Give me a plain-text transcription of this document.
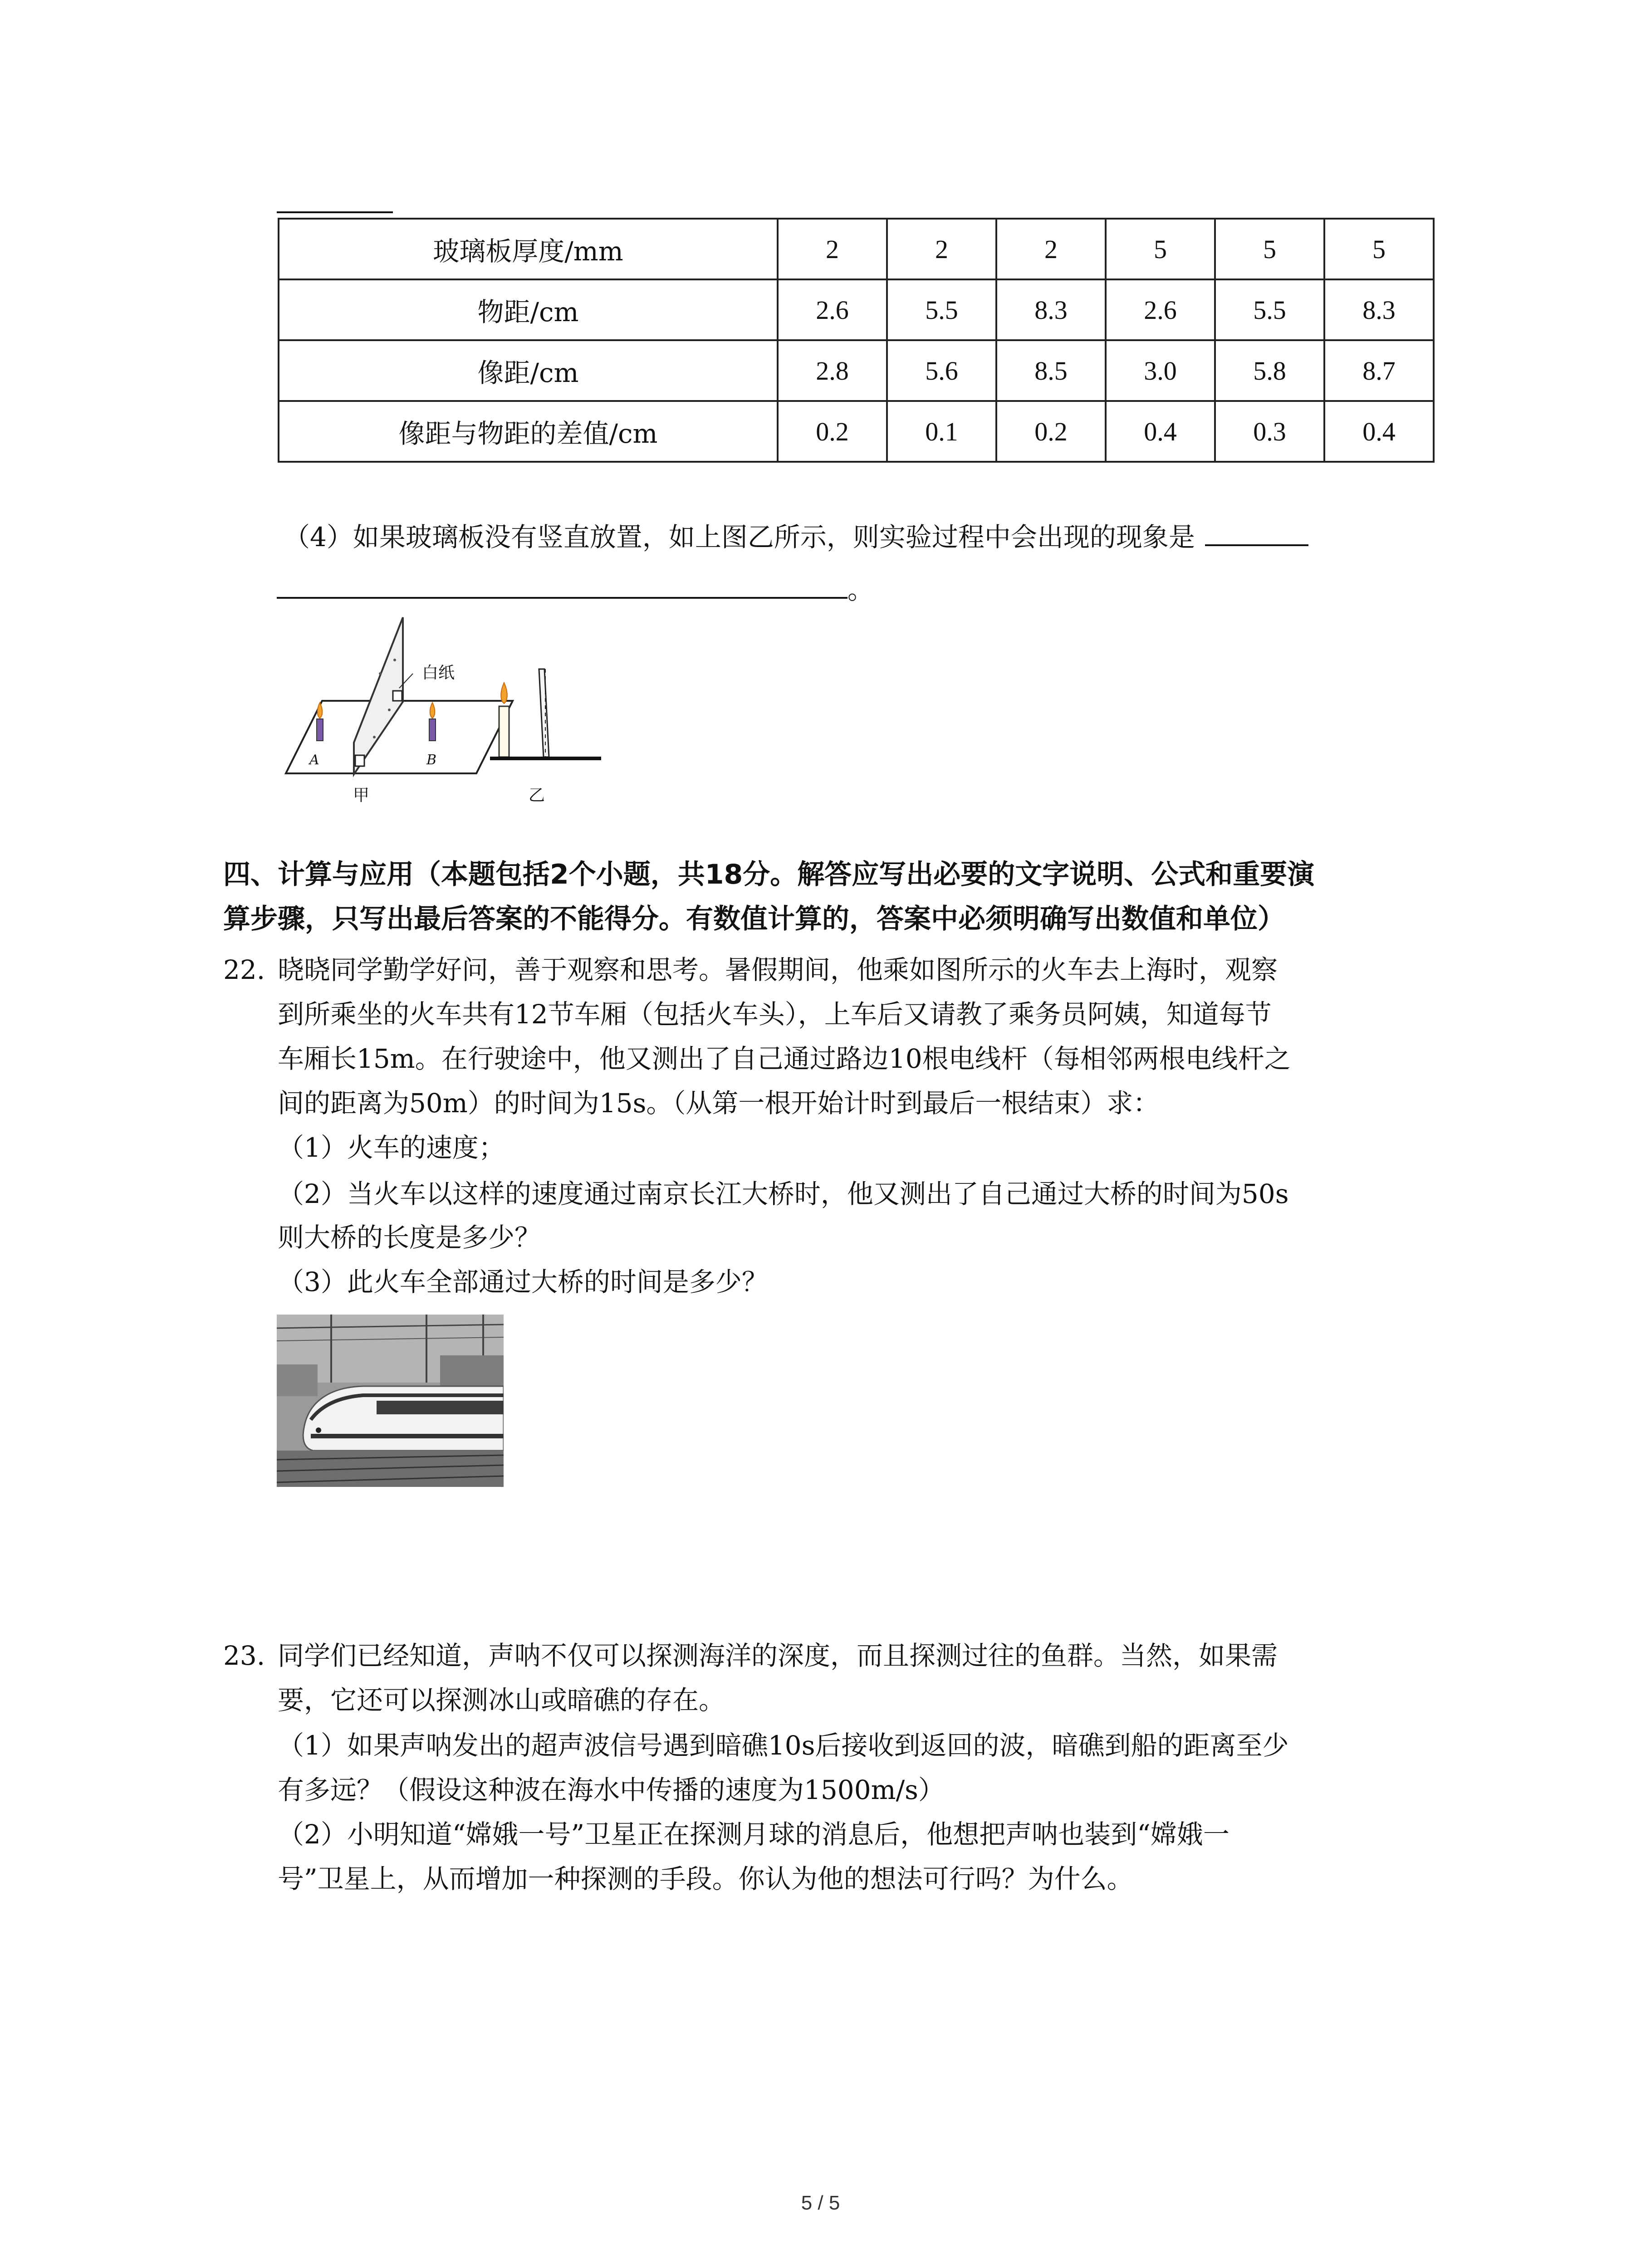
玻璃板厚度/mm	2	2	2	5	5	5
物距/cm	2.6	5.5	8.3	2.6	5.5	8.3
像距/cm	2.8	5.6	8.5	3.0	5.8	8.7
像距与物距的差值/cm	0.2	0.1	0.2	0.4	0.3	0.4
（4）如果玻璃板没有竖直放置，如上图乙所示，则实验过程中会出现的现象是
。
白纸
A	B
甲	乙
四、计算与应用（本题包括2个小题，共18分。解答应写出必要的文字说明、公式和重要演
算步骤，只写出最后答案的不能得分。有数值计算的，答案中必须明确写出数值和单位）
22. 晓晓同学勤学好问，善于观察和思考。暑假期间，他乘如图所示的火车去上海时，观察
到所乘坐的火车共有12节车厢（包括火车头），上车后又请教了乘务员阿姨，知道每节
车厢长15m。在行驶途中，他又测出了自己通过路边10根电线杆（每相邻两根电线杆之
间的距离为50m）的时间为15s。（从第一根开始计时到最后一根结束）求：
（1）火车的速度；
（2）当火车以这样的速度通过南京长江大桥时，他又测出了自己通过大桥的时间为50s
则大桥的长度是多少？
（3）此火车全部通过大桥的时间是多少？
23. 同学们已经知道，声呐不仅可以探测海洋的深度，而且探测过往的鱼群。当然，如果需
要，它还可以探测冰山或暗礁的存在。
（1）如果声呐发出的超声波信号遇到暗礁10s后接收到返回的波，暗礁到船的距离至少
有多远？（假设这种波在海水中传播的速度为1500m/s）
（2）小明知道“嫦娥一号”卫星正在探测月球的消息后，他想把声呐也装到“嫦娥一
号”卫星上，从而增加一种探测的手段。你认为他的想法可行吗？为什么。
5 / 5
